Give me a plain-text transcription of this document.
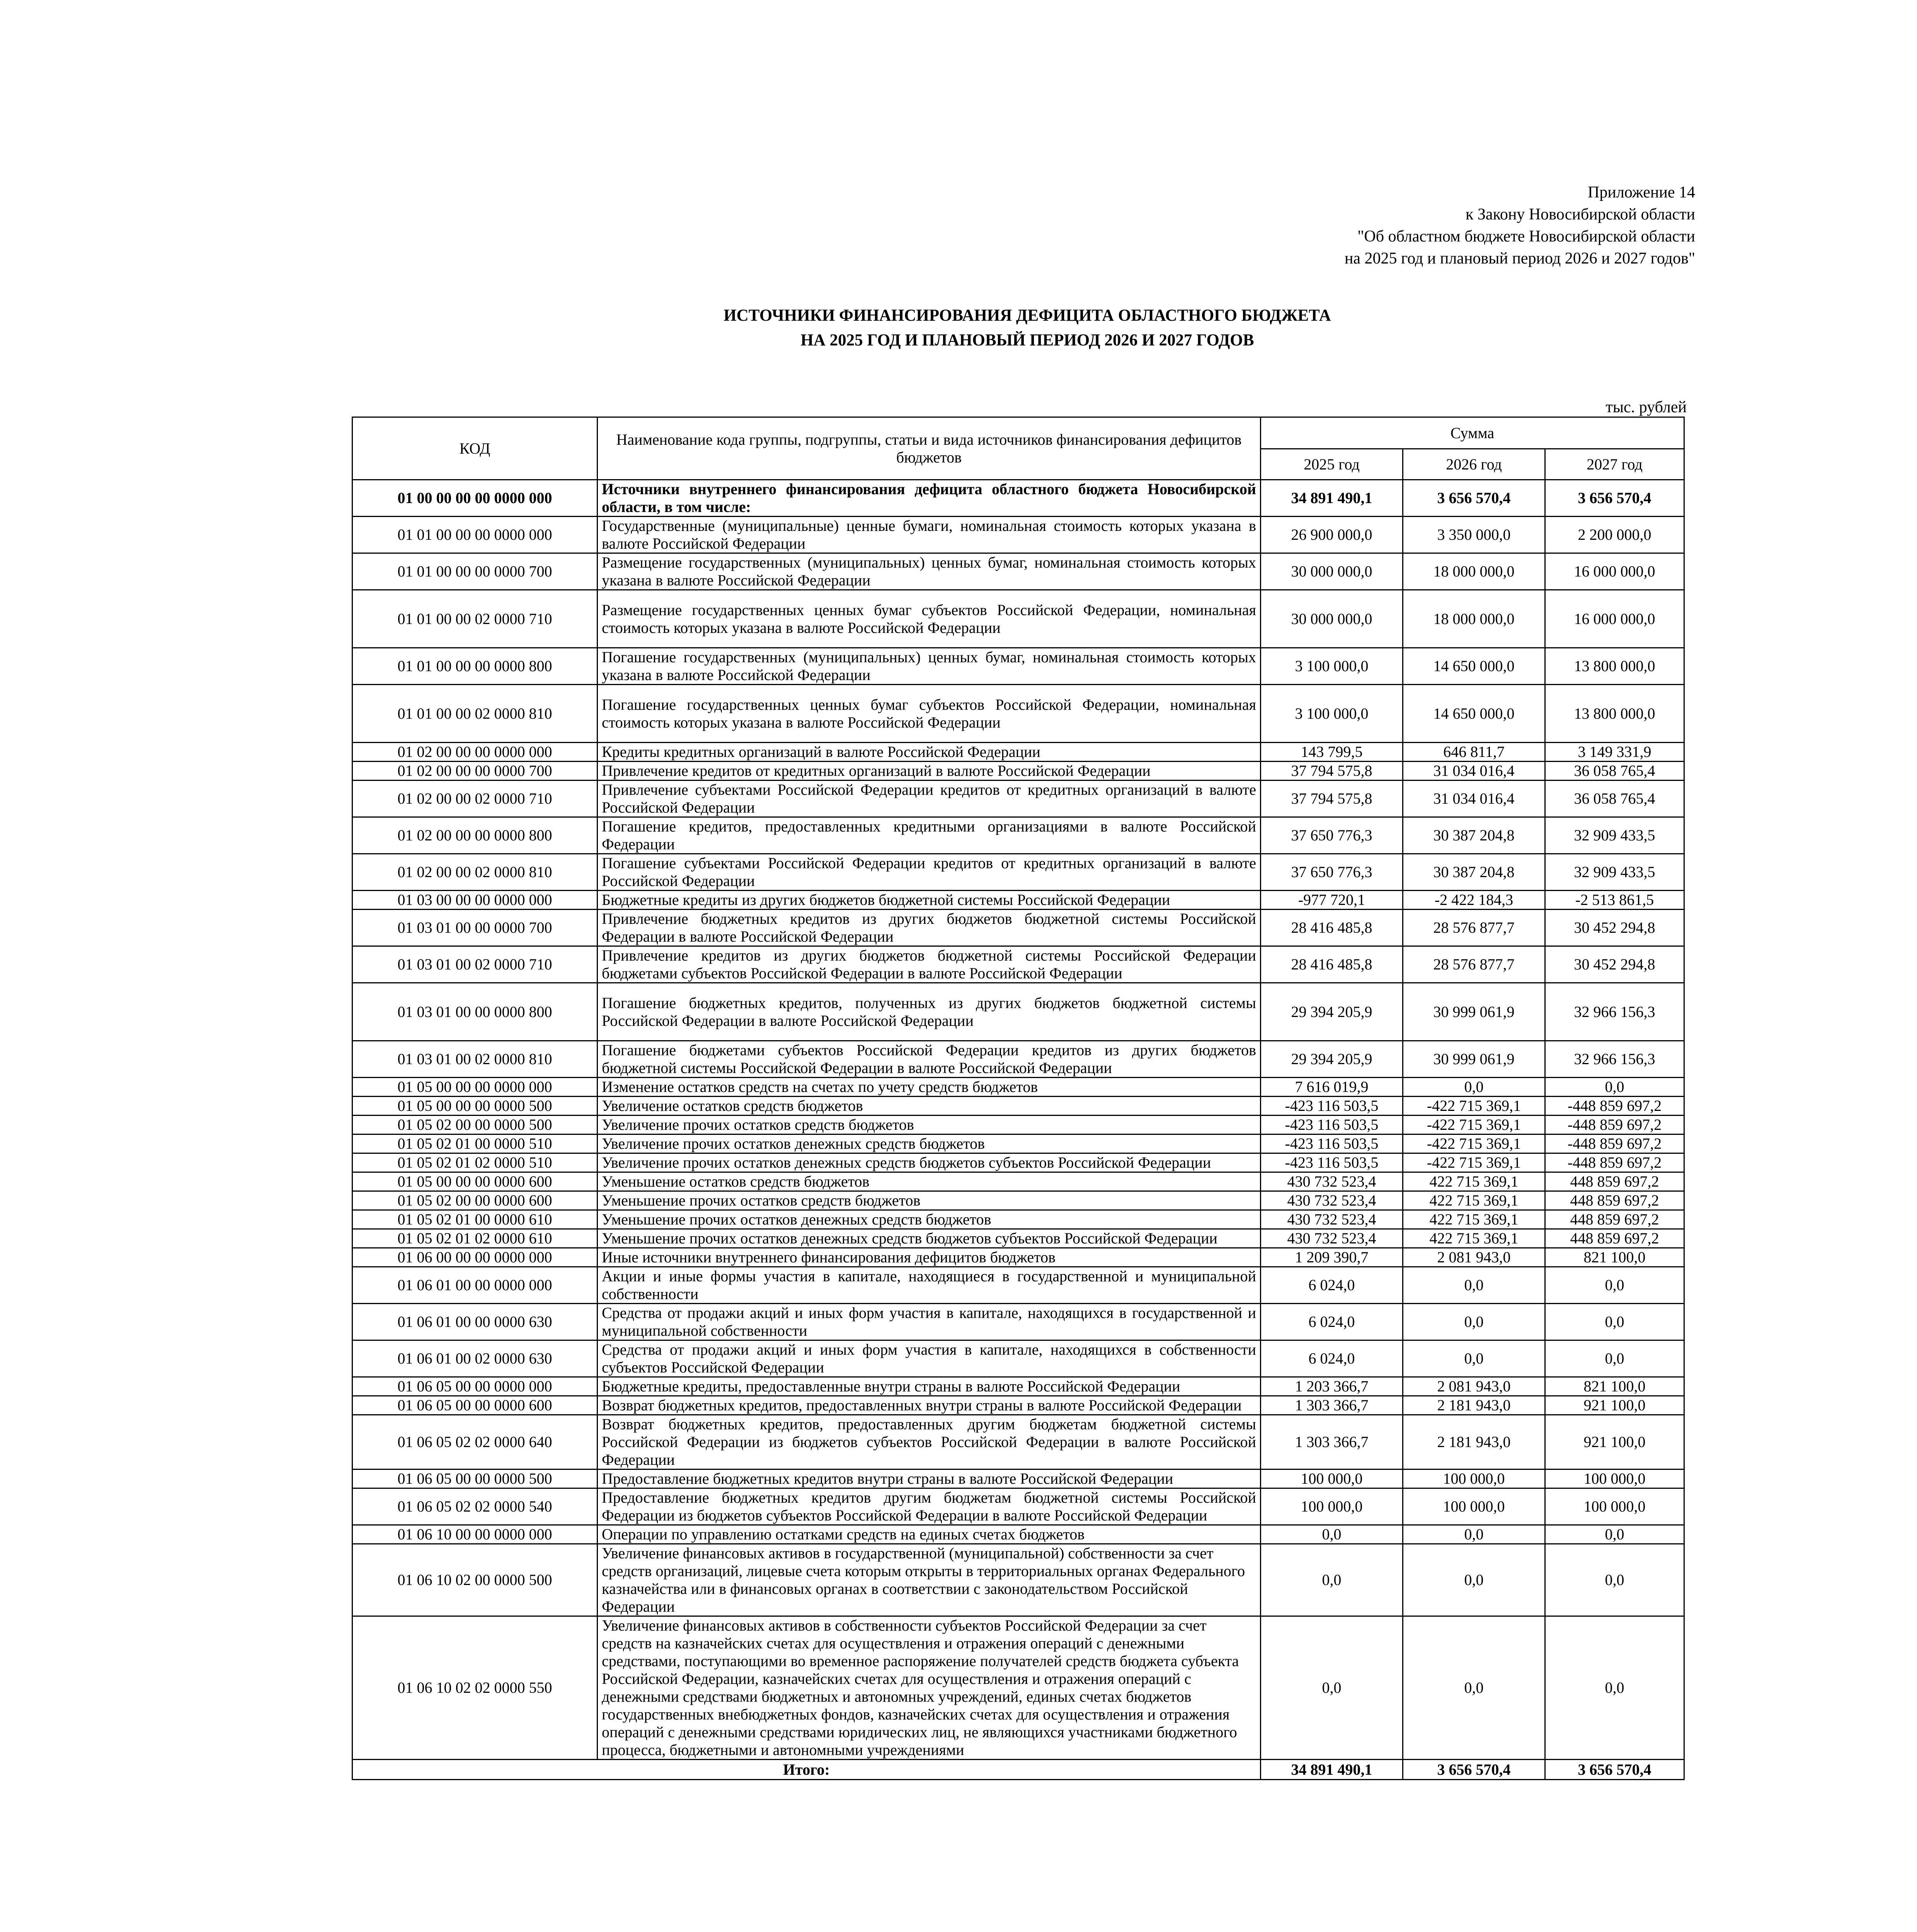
Приложение 14
к Закону Новосибирской области
"Об областном бюджете Новосибирской области
на 2025 год и плановый период 2026 и 2027 годов"
ИСТОЧНИКИ ФИНАНСИРОВАНИЯ ДЕФИЦИТА ОБЛАСТНОГО БЮДЖЕТА
НА 2025 ГОД И ПЛАНОВЫЙ ПЕРИОД 2026 И 2027 ГОДОВ
тыс. рублей
КОД	Наименование кода группы, подгруппы, статьи и вида источников финансирования дефицитов бюджетов	Сумма		
		2025 год	2026 год	2027 год
01 00 00 00 00 0000 000	Источники внутреннего финансирования дефицита областного бюджета Новосибирской области, в том числе:	34 891 490,1	3 656 570,4	3 656 570,4
01 01 00 00 00 0000 000	Государственные (муниципальные) ценные бумаги, номинальная стоимость которых указана в валюте Российской Федерации	26 900 000,0	3 350 000,0	2 200 000,0
01 01 00 00 00 0000 700	Размещение государственных (муниципальных) ценных бумаг, номинальная стоимость которых указана в валюте Российской Федерации	30 000 000,0	18 000 000,0	16 000 000,0
01 01 00 00 02 0000 710	Размещение государственных ценных бумаг субъектов Российской Федерации, номинальная стоимость которых указана в валюте Российской Федерации	30 000 000,0	18 000 000,0	16 000 000,0
01 01 00 00 00 0000 800	Погашение государственных (муниципальных) ценных бумаг, номинальная стоимость которых указана в валюте Российской Федерации	3 100 000,0	14 650 000,0	13 800 000,0
01 01 00 00 02 0000 810	Погашение государственных ценных бумаг субъектов Российской Федерации, номинальная стоимость которых указана в валюте Российской Федерации	3 100 000,0	14 650 000,0	13 800 000,0
01 02 00 00 00 0000 000	Кредиты кредитных организаций в валюте Российской Федерации	143 799,5	646 811,7	3 149 331,9
01 02 00 00 00 0000 700	Привлечение кредитов от кредитных организаций в валюте Российской Федерации	37 794 575,8	31 034 016,4	36 058 765,4
01 02 00 00 02 0000 710	Привлечение субъектами Российской Федерации кредитов от кредитных организаций в валюте Российской Федерации	37 794 575,8	31 034 016,4	36 058 765,4
01 02 00 00 00 0000 800	Погашение кредитов, предоставленных кредитными организациями в валюте Российской Федерации	37 650 776,3	30 387 204,8	32 909 433,5
01 02 00 00 02 0000 810	Погашение субъектами Российской Федерации кредитов от кредитных организаций в валюте Российской Федерации	37 650 776,3	30 387 204,8	32 909 433,5
01 03 00 00 00 0000 000	Бюджетные кредиты из других бюджетов бюджетной системы Российской Федерации	-977 720,1	-2 422 184,3	-2 513 861,5
01 03 01 00 00 0000 700	Привлечение бюджетных кредитов из других бюджетов бюджетной системы Российской Федерации в валюте Российской Федерации	28 416 485,8	28 576 877,7	30 452 294,8
01 03 01 00 02 0000 710	Привлечение кредитов из других бюджетов бюджетной системы Российской Федерации бюджетами субъектов Российской Федерации в валюте Российской Федерации	28 416 485,8	28 576 877,7	30 452 294,8
01 03 01 00 00 0000 800	Погашение бюджетных кредитов, полученных из других бюджетов бюджетной системы Российской Федерации в валюте Российской Федерации	29 394 205,9	30 999 061,9	32 966 156,3
01 03 01 00 02 0000 810	Погашение бюджетами субъектов Российской Федерации кредитов из других бюджетов бюджетной системы Российской Федерации в валюте Российской Федерации	29 394 205,9	30 999 061,9	32 966 156,3
01 05 00 00 00 0000 000	Изменение остатков средств на счетах по учету средств бюджетов	7 616 019,9	0,0	0,0
01 05 00 00 00 0000 500	Увеличение остатков средств бюджетов	-423 116 503,5	-422 715 369,1	-448 859 697,2
01 05 02 00 00 0000 500	Увеличение прочих остатков средств бюджетов	-423 116 503,5	-422 715 369,1	-448 859 697,2
01 05 02 01 00 0000 510	Увеличение прочих остатков денежных средств бюджетов	-423 116 503,5	-422 715 369,1	-448 859 697,2
01 05 02 01 02 0000 510	Увеличение прочих остатков денежных средств бюджетов субъектов Российской Федерации	-423 116 503,5	-422 715 369,1	-448 859 697,2
01 05 00 00 00 0000 600	Уменьшение остатков средств бюджетов	430 732 523,4	422 715 369,1	448 859 697,2
01 05 02 00 00 0000 600	Уменьшение прочих остатков средств бюджетов	430 732 523,4	422 715 369,1	448 859 697,2
01 05 02 01 00 0000 610	Уменьшение прочих остатков денежных средств бюджетов	430 732 523,4	422 715 369,1	448 859 697,2
01 05 02 01 02 0000 610	Уменьшение прочих остатков денежных средств бюджетов субъектов Российской Федерации	430 732 523,4	422 715 369,1	448 859 697,2
01 06 00 00 00 0000 000	Иные источники внутреннего финансирования дефицитов бюджетов	1 209 390,7	2 081 943,0	821 100,0
01 06 01 00 00 0000 000	Акции и иные формы участия в капитале, находящиеся в государственной и муниципальной собственности	6 024,0	0,0	0,0
01 06 01 00 00 0000 630	Средства от продажи акций и иных форм участия в капитале, находящихся в государственной и муниципальной собственности	6 024,0	0,0	0,0
01 06 01 00 02 0000 630	Средства от продажи акций и иных форм участия в капитале, находящихся в собственности субъектов Российской Федерации	6 024,0	0,0	0,0
01 06 05 00 00 0000 000	Бюджетные кредиты, предоставленные внутри страны в валюте Российской Федерации	1 203 366,7	2 081 943,0	821 100,0
01 06 05 00 00 0000 600	Возврат бюджетных кредитов, предоставленных внутри страны в валюте Российской Федерации	1 303 366,7	2 181 943,0	921 100,0
01 06 05 02 02 0000 640	Возврат бюджетных кредитов, предоставленных другим бюджетам бюджетной системы Российской Федерации из бюджетов субъектов Российской Федерации в валюте Российской Федерации	1 303 366,7	2 181 943,0	921 100,0
01 06 05 00 00 0000 500	Предоставление бюджетных кредитов внутри страны в валюте Российской Федерации	100 000,0	100 000,0	100 000,0
01 06 05 02 02 0000 540	Предоставление бюджетных кредитов другим бюджетам бюджетной системы Российской Федерации из бюджетов субъектов Российской Федерации в валюте Российской Федерации	100 000,0	100 000,0	100 000,0
01 06 10 00 00 0000 000	Операции по управлению остатками средств на единых счетах бюджетов	0,0	0,0	0,0
01 06 10 02 00 0000 500	Увеличение финансовых активов в государственной (муниципальной) собственности за счет средств организаций, лицевые счета которым открыты в территориальных органах Федерального казначейства или в финансовых органах в соответствии с законодательством Российской Федерации	0,0	0,0	0,0
01 06 10 02 02 0000 550	Увеличение финансовых активов в собственности субъектов Российской Федерации за счет средств на казначейских счетах для осуществления и отражения операций с денежными средствами, поступающими во временное распоряжение получателей средств бюджета субъекта Российской Федерации, казначейских счетах для осуществления и отражения операций с денежными средствами бюджетных и автономных учреждений, единых счетах бюджетов государственных внебюджетных фондов, казначейских счетах для осуществления и отражения операций с денежными средствами юридических лиц, не являющихся участниками бюджетного процесса, бюджетными и автономными учреждениями	0,0	0,0	0,0
Итого:		34 891 490,1	3 656 570,4	3 656 570,4
